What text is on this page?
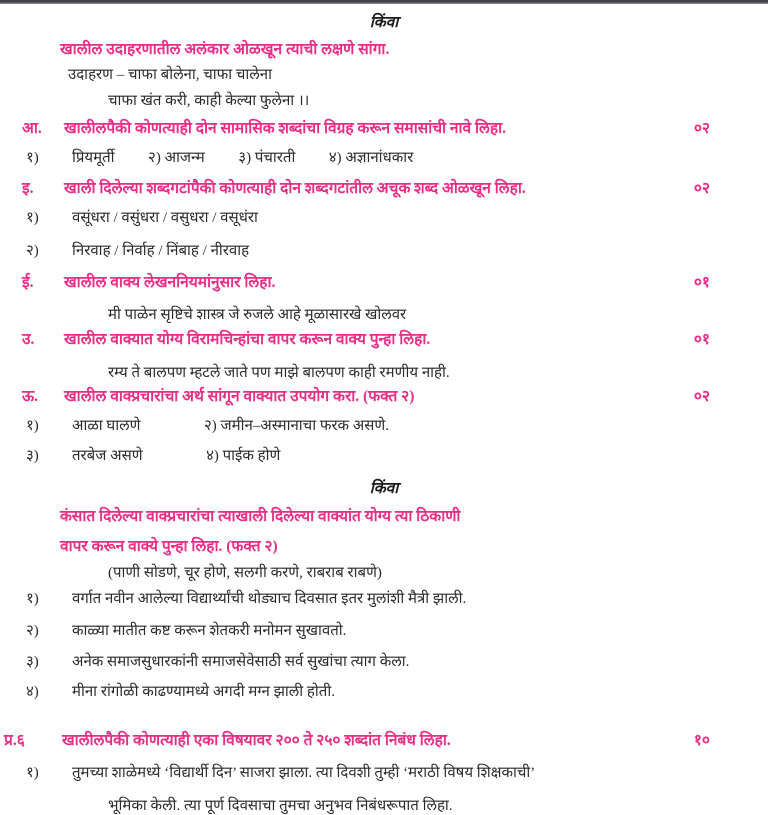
किंवा
खालील उदाहरणातील अलंकार ओळखून त्याची लक्षणे सांगा.
उदाहरण – चाफा बोलेना, चाफा चालेना
चाफा खंत करी, काही केल्या फुलेना ।।
आ.	खालीलपैकी कोणत्याही दोन सामासिक शब्दांचा विग्रह करून समासांची नावे लिहा.	०२
१)	प्रियमूर्ती २) आजन्म ३) पंचारती ४) अज्ञानांधकार
इ.	खाली दिलेल्या शब्दगटांपैकी कोणत्याही दोन शब्दगटांतील अचूक शब्द ओळखून लिहा.	०२
१)	वसूंधरा / वसुंधरा / वसुधरा / वसूधंरा
२)	निरवाह / निर्वाह / निंबाह / नीरवाह
ई.	खालील वाक्य लेखननियमांनुसार लिहा.	०१
मी पाळेन सृष्टिचे शास्त्र जे रुजले आहे मूळासारखे खोलवर
उ.	खालील वाक्यात योग्य विरामचिन्हांचा वापर करून वाक्य पुन्हा लिहा.	०१
रम्य ते बालपण म्हटले जाते पण माझे बालपण काही रमणीय नाही.
ऊ.	खालील वाक्प्रचारांचा अर्थ सांगून वाक्यात उपयोग करा. (फक्त २)	०२
१)	आळा घालणे	२) जमीन–अस्मानाचा फरक असणे.
३)	तरबेज असणे	४) पाईक होणे
किंवा
कंसात दिलेल्या वाक्प्रचारांचा त्याखाली दिलेल्या वाक्यांत योग्य त्या ठिकाणी
वापर करून वाक्ये पुन्हा लिहा. (फक्त २)
(पाणी सोडणे, चूर होणे, सलगी करणे, राबराब राबणे)
१)	वर्गात नवीन आलेल्या विद्यार्थ्यांची थोड्याच दिवसात इतर मुलांशी मैत्री झाली.
२)	काळ्या मातीत कष्ट करून शेतकरी मनोमन सुखावतो.
३)	अनेक समाजसुधारकांनी समाजसेवेसाठी सर्व सुखांचा त्याग केला.
४)	मीना रांगोळी काढण्यामध्ये अगदी मग्न झाली होती.
प्र.६	खालीलपैकी कोणत्याही एका विषयावर २०० ते २५० शब्दांत निबंध लिहा.	१०
१)	तुमच्या शाळेमध्ये ‘विद्यार्थी दिन’ साजरा झाला. त्या दिवशी तुम्ही ‘मराठी विषय शिक्षकाची’
भूमिका केली. त्या पूर्ण दिवसाचा तुमचा अनुभव निबंधरूपात लिहा.
